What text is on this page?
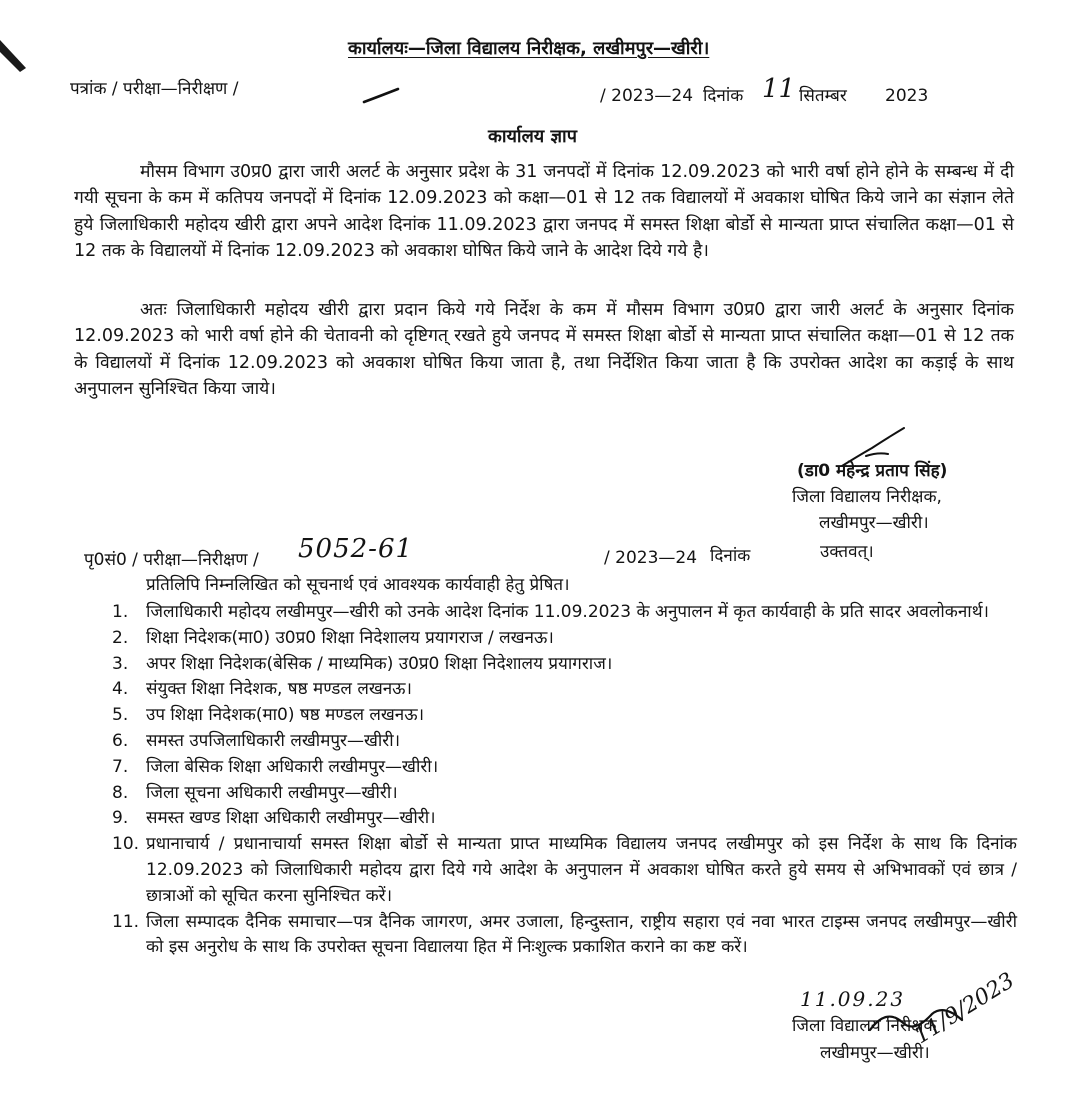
कार्यालयः—जिला विद्यालय निरीक्षक, लखीमपुर—खीरी।
पत्रांक / परीक्षा—निरीक्षण /	/ 2023—24 दिनांक 11 सितम्बर 2023
कार्यालय ज्ञाप

मौसम विभाग उ0प्र0 द्वारा जारी अलर्ट के अनुसार प्रदेश के 31 जनपदों में दिनांक 12.09.2023 को भारी वर्षा होने होने के सम्बन्ध में दी गयी सूचना के कम में कतिपय जनपदों में दिनांक 12.09.2023 को कक्षा—01 से 12 तक विद्यालयों में अवकाश घोषित किये जाने का संज्ञान लेते हुये जिलाधिकारी महोदय खीरी द्वारा अपने आदेश दिनांक 11.09.2023 द्वारा जनपद में समस्त शिक्षा बोर्डो से मान्यता प्राप्त संचालित कक्षा—01 से 12 तक के विद्यालयों में दिनांक 12.09.2023 को अवकाश घोषित किये जाने के आदेश दिये गये है।

अतः जिलाधिकारी महोदय खीरी द्वारा प्रदान किये गये निर्देश के कम में मौसम विभाग उ0प्र0 द्वारा जारी अलर्ट के अनुसार दिनांक 12.09.2023 को भारी वर्षा होने की चेतावनी को दृष्टिगत् रखते हुये जनपद में समस्त शिक्षा बोर्डो से मान्यता प्राप्त संचालित कक्षा—01 से 12 तक के विद्यालयों में दिनांक 12.09.2023 को अवकाश घोषित किया जाता है, तथा निर्देशित किया जाता है कि उपरोक्त आदेश का कड़ाई के साथ अनुपालन सुनिश्चित किया जाये।

(डा0 महेन्द्र प्रताप सिंह)
जिला विद्यालय निरीक्षक,
लखीमपुर—खीरी।
पृ0सं0 / परीक्षा—निरीक्षण / 5052-61	/ 2023—24 दिनांक	उक्तवत्।
प्रतिलिपि निम्नलिखित को सूचनार्थ एवं आवश्यक कार्यवाही हेतु प्रेषित।
1. जिलाधिकारी महोदय लखीमपुर—खीरी को उनके आदेश दिनांक 11.09.2023 के अनुपालन में कृत कार्यवाही के प्रति सादर अवलोकनार्थ।
2. शिक्षा निदेशक(मा0) उ0प्र0 शिक्षा निदेशालय प्रयागराज / लखनऊ।
3. अपर शिक्षा निदेशक(बेसिक / माध्यमिक) उ0प्र0 शिक्षा निदेशालय प्रयागराज।
4. संयुक्त शिक्षा निदेशक, षष्ठ मण्डल लखनऊ।
5. उप शिक्षा निदेशक(मा0) षष्ठ मण्डल लखनऊ।
6. समस्त उपजिलाधिकारी लखीमपुर—खीरी।
7. जिला बेसिक शिक्षा अधिकारी लखीमपुर—खीरी।
8. जिला सूचना अधिकारी लखीमपुर—खीरी।
9. समस्त खण्ड शिक्षा अधिकारी लखीमपुर—खीरी।
10. प्रधानाचार्य / प्रधानाचार्या समस्त शिक्षा बोर्डो से मान्यता प्राप्त माध्यमिक विद्यालय जनपद लखीमपुर को इस निर्देश के साथ कि दिनांक 12.09.2023 को जिलाधिकारी महोदय द्वारा दिये गये आदेश के अनुपालन में अवकाश घोषित करते हुये समय से अभिभावकों एवं छात्र / छात्राओं को सूचित करना सुनिश्चित करें।
11. जिला सम्पादक दैनिक समाचार—पत्र दैनिक जागरण, अमर उजाला, हिन्दुस्तान, राष्ट्रीय सहारा एवं नवा भारत टाइम्स जनपद लखीमपुर—खीरी को इस अनुरोध के साथ कि उपरोक्त सूचना विद्यालया हित में निःशुल्क प्रकाशित कराने का कष्ट करें।
11.09.23
जिला विद्यालय निरीक्षक
लखीमपुर—खीरी।
11/9/2023
